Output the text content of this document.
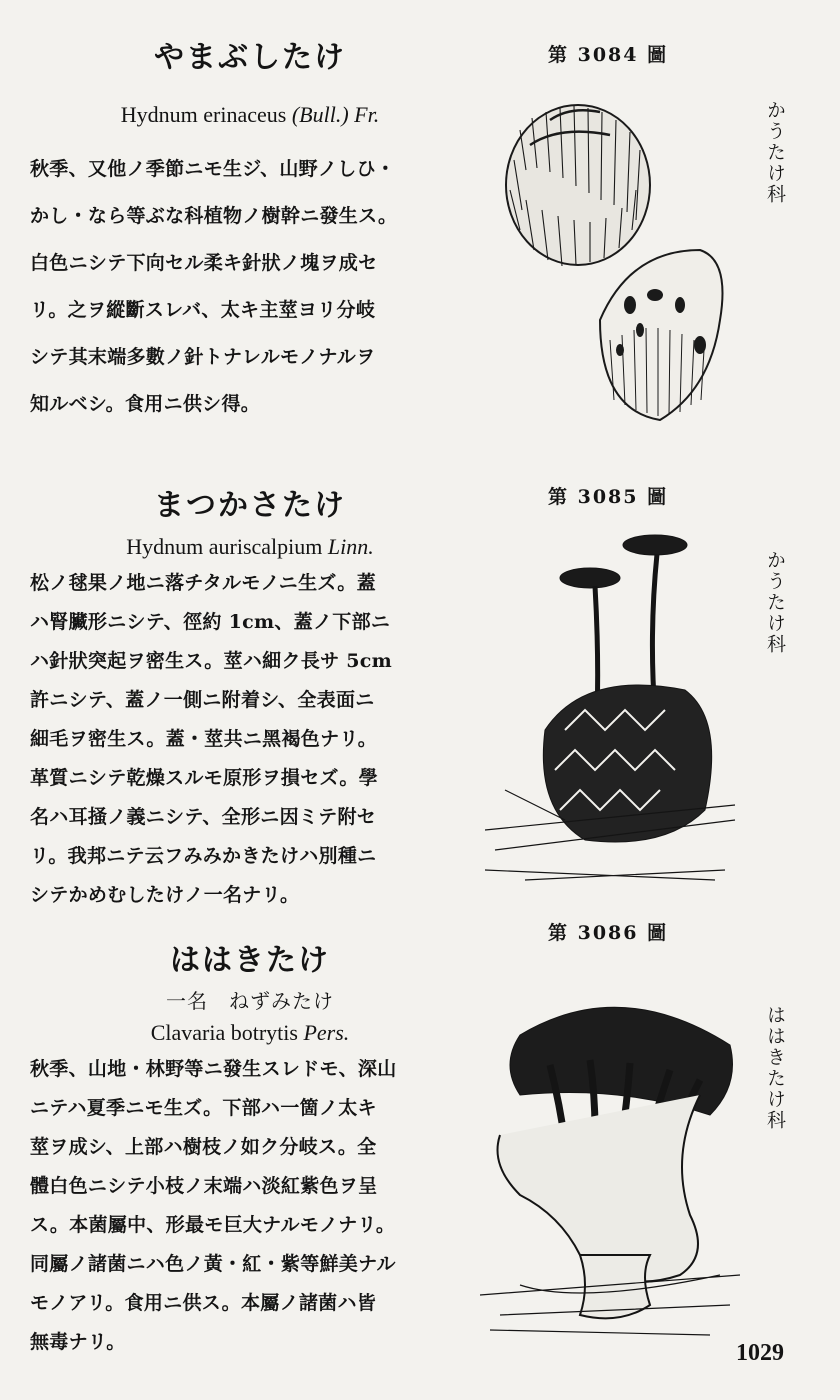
やまぶしたけ
Hydnum erinaceus (Bull.) Fr.
秋季、又他ノ季節ニモ生ジ、山野ノしひ・
かし・なら等ぶな科植物ノ樹幹ニ發生ス。
白色ニシテ下向セル柔キ針狀ノ塊ヲ成セ
リ。之ヲ縱斷スレバ、太キ主莖ヨリ分岐
シテ其末端多數ノ針トナレルモノナルヲ
知ルベシ。食用ニ供シ得。
まつかさたけ
Hydnum auriscalpium Linn.
松ノ毬果ノ地ニ落チタルモノニ生ズ。蓋
ハ腎臟形ニシテ、徑約 1cm、蓋ノ下部ニ
ハ針狀突起ヲ密生ス。莖ハ細ク長サ 5cm
許ニシテ、蓋ノ一側ニ附着シ、全表面ニ
細毛ヲ密生ス。蓋・莖共ニ黑褐色ナリ。
革質ニシテ乾燥スルモ原形ヲ損セズ。學
名ハ耳掻ノ義ニシテ、全形ニ因ミテ附セ
リ。我邦ニテ云フみみかきたけハ別種ニ
シテかめむしたけノ一名ナリ。
ははきたけ
一名　ねずみたけ
Clavaria botrytis Pers.
秋季、山地・林野等ニ發生スレドモ、深山
ニテハ夏季ニモ生ズ。下部ハ一箇ノ太キ
莖ヲ成シ、上部ハ樹枝ノ如ク分岐ス。全
體白色ニシテ小枝ノ末端ハ淡紅紫色ヲ呈
ス。本菌屬中、形最モ巨大ナルモノナリ。
同屬ノ諸菌ニハ色ノ黃・紅・紫等鮮美ナル
モノアリ。食用ニ供ス。本屬ノ諸菌ハ皆
無毒ナリ。
第 3084 圖
第 3085 圖
第 3086 圖
かうたけ科
かうたけ科
ははきたけ科
1029
